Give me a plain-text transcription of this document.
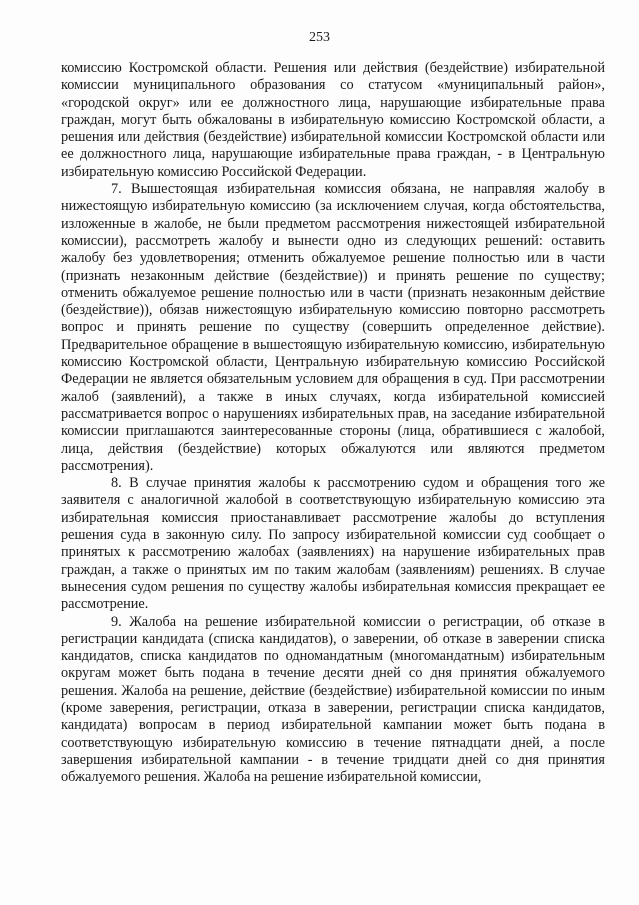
253

комиссию Костромской области. Решения или действия (бездействие) избирательной комиссии муниципального образования со статусом «муниципальный район», «городской округ» или ее должностного лица, нарушающие избирательные права граждан, могут быть обжалованы в избирательную комиссию Костромской области, а решения или действия (бездействие) избирательной комиссии Костромской области или ее должностного лица, нарушающие избирательные права граждан, - в Центральную избирательную комиссию Российской Федерации.

7. Вышестоящая избирательная комиссия обязана, не направляя жалобу в нижестоящую избирательную комиссию (за исключением случая, когда обстоятельства, изложенные в жалобе, не были предметом рассмотрения нижестоящей избирательной комиссии), рассмотреть жалобу и вынести одно из следующих решений: оставить жалобу без удовлетворения; отменить обжалуемое решение полностью или в части (признать незаконным действие (бездействие)) и принять решение по существу; отменить обжалуемое решение полностью или в части (признать незаконным действие (бездействие)), обязав нижестоящую избирательную комиссию повторно рассмотреть вопрос и принять решение по существу (совершить определенное действие). Предварительное обращение в вышестоящую избирательную комиссию, избирательную комиссию Костромской области, Центральную избирательную комиссию Российской Федерации не является обязательным условием для обращения в суд. При рассмотрении жалоб (заявлений), а также в иных случаях, когда избирательной комиссией рассматривается вопрос о нарушениях избирательных прав, на заседание избирательной комиссии приглашаются заинтересованные стороны (лица, обратившиеся с жалобой, лица, действия (бездействие) которых обжалуются или являются предметом рассмотрения).

8. В случае принятия жалобы к рассмотрению судом и обращения того же заявителя с аналогичной жалобой в соответствующую избирательную комиссию эта избирательная комиссия приостанавливает рассмотрение жалобы до вступления решения суда в законную силу. По запросу избирательной комиссии суд сообщает о принятых к рассмотрению жалобах (заявлениях) на нарушение избирательных прав граждан, а также о принятых им по таким жалобам (заявлениям) решениях. В случае вынесения судом решения по существу жалобы избирательная комиссия прекращает ее рассмотрение.

9. Жалоба на решение избирательной комиссии о регистрации, об отказе в регистрации кандидата (списка кандидатов), о заверении, об отказе в заверении списка кандидатов, списка кандидатов по одномандатным (многомандатным) избирательным округам может быть подана в течение десяти дней со дня принятия обжалуемого решения. Жалоба на решение, действие (бездействие) избирательной комиссии по иным (кроме заверения, регистрации, отказа в заверении, регистрации списка кандидатов, кандидата) вопросам в период избирательной кампании может быть подана в соответствующую избирательную комиссию в течение пятнадцати дней, а после завершения избирательной кампании - в течение тридцати дней со дня принятия обжалуемого решения. Жалоба на решение избирательной комиссии,
